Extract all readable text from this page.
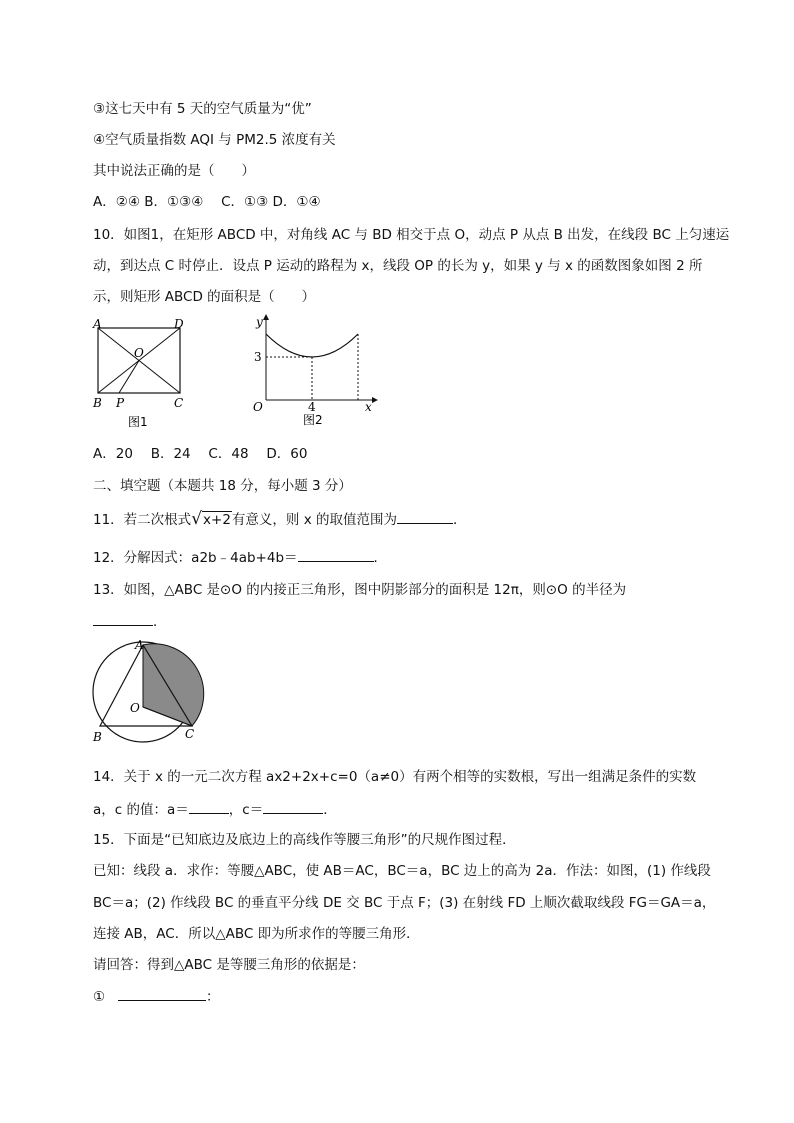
③这七天中有 5 天的空气质量为“优”
④空气质量指数 AQI 与 PM2.5 浓度有关
其中说法正确的是（　　）
A．②④ B．①③④　 C．①③ D．①④
10．如图1，在矩形 ABCD 中，对角线 AC 与 BD 相交于点 O，动点 P 从点 B 出发，在线段 BC 上匀速运
动，到达点 C 时停止．设点 P 运动的路程为 x，线段 OP 的长为 y，如果 y 与 x 的函数图象如图 2 所
示，则矩形 ABCD 的面积是（　　）
A	D
O
B P	C
图1
y
x
O
3
4
图2
A．20　 B．24　 C．48　 D．60
二、填空题（本题共 18 分，每小题 3 分）
11．若二次根式√x+2有意义，则 x 的取值范围为	．
12．分解因式：a2b﹣4ab+4b＝	．
13．如图，△ABC 是⊙O 的内接正三角形，图中阴影部分的面积是 12π，则⊙O 的半径为
．
A
B	C
O
14．关于 x 的一元二次方程 ax2+2x+c=0（a≠0）有两个相等的实数根，写出一组满足条件的实数
a，c 的值：a＝	，c＝	．
15．下面是“已知底边及底边上的高线作等腰三角形”的尺规作图过程．
已知：线段 a．求作：等腰△ABC，使 AB＝AC，BC＝a，BC 边上的高为 2a．作法：如图，(1) 作线段
BC＝a；(2) 作线段 BC 的垂直平分线 DE 交 BC 于点 F；(3) 在射线 FD 上顺次截取线段 FG＝GA＝a，
连接 AB，AC．所以△ABC 即为所求作的等腰三角形．
请回答：得到△ABC 是等腰三角形的依据是：
①	：
